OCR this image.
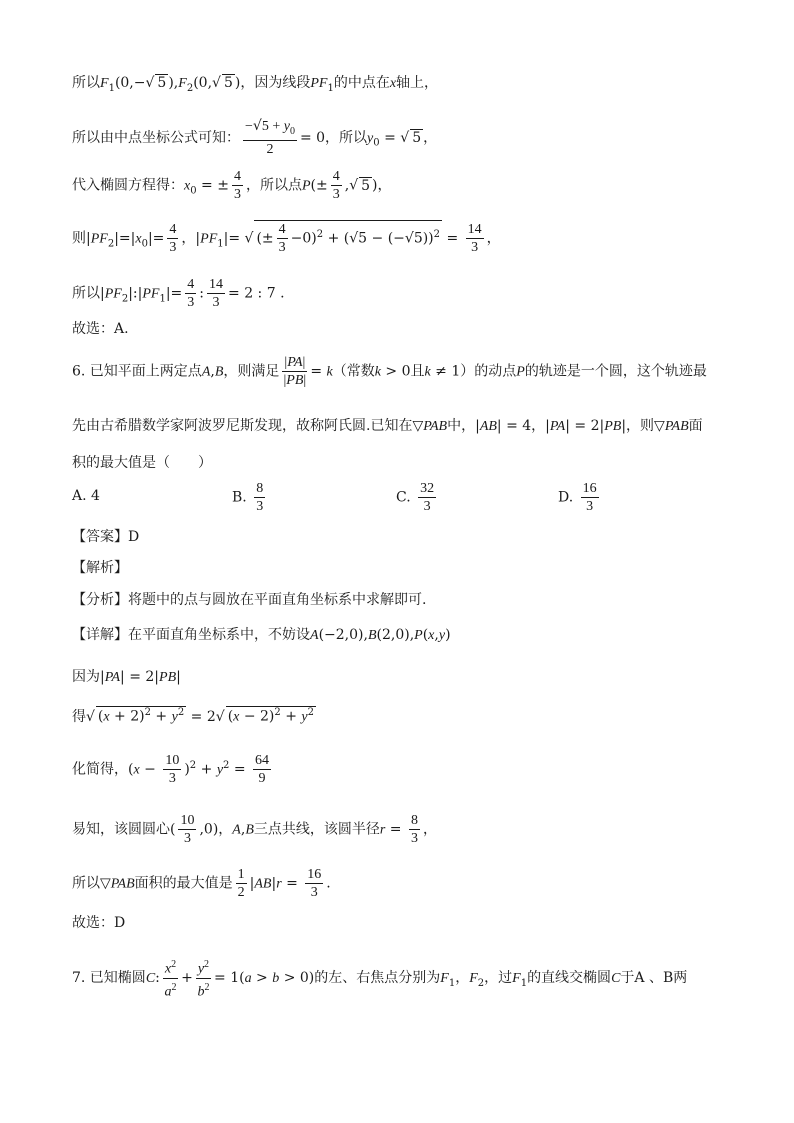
所以$F_1(0,-√$ 5 )$,F_2(0,√$ 5 )，因为线段$PF_1$的中点在x轴上，
所以由中点坐标公式可知： $\frac{-√5 + y_0}{2} = 0$，所以$y_0$ = √ 5 ，
代入椭圆方程得：$x_0$ = ± $\frac{4}{3}$ ，所以点$P(\pm \frac{4}{3}$ ,√ 5 )，
则$|PF_2|=|x_0|= \frac{4}{3}$ ，$|PF_1|=$ √ (± $\frac{4}{3} -0)^2 + (√5 - (-√5))^2 = \frac{14}{3}$ ，
所以$|PF_2|:|PF_1|= \frac{4}{3}$ : $\frac{14}{3} = 2$ : 7 .
故选：A.
6. 已知平面上两定点A,B，则满足 $\frac{|PA|}{|PB|} = k$（常数k > 0且k ≠ 1）的动点P的轨迹是一个圆，这个轨迹最
先由古希腊数学家阿波罗尼斯发现，故称阿氏圆.已知在▽PAB中，|AB| = 4，|PA| = 2|PB|，则▽PAB面
积的最大值是（　　）
A. 4	B. $\frac{8}{3}$	C. $\frac{32}{3}$	D. $\frac{16}{3}$
【答案】D
【解析】
【分析】将题中的点与圆放在平面直角坐标系中求解即可.
【详解】在平面直角坐标系中，不妨设A(−2,0),B(2,0),P(x,y)
因为|PA| = 2|PB|
得√ $(x + 2)^2 + y^2 = 2√$ $(x - 2)^2 + y^2$
化简得，$(x - \frac{10}{3} )^2 + y^2 = \frac{64}{9}$
易知，该圆圆心( $\frac{10}{3} ,0$)，A,B三点共线，该圆半径$r = \frac{8}{3}$ ，
所以▽PAB面积的最大值是 $\frac{1}{2} |AB|r = \frac{16}{3}$ .
故选：D
7. 已知椭圆C: $\frac{x^2}{a^2} + \frac{y^2}{b^2} = 1(a > b > 0)$的左、右焦点分别为$F_1$，$F_2$，过$F_1$的直线交椭圆C于A 、B两
